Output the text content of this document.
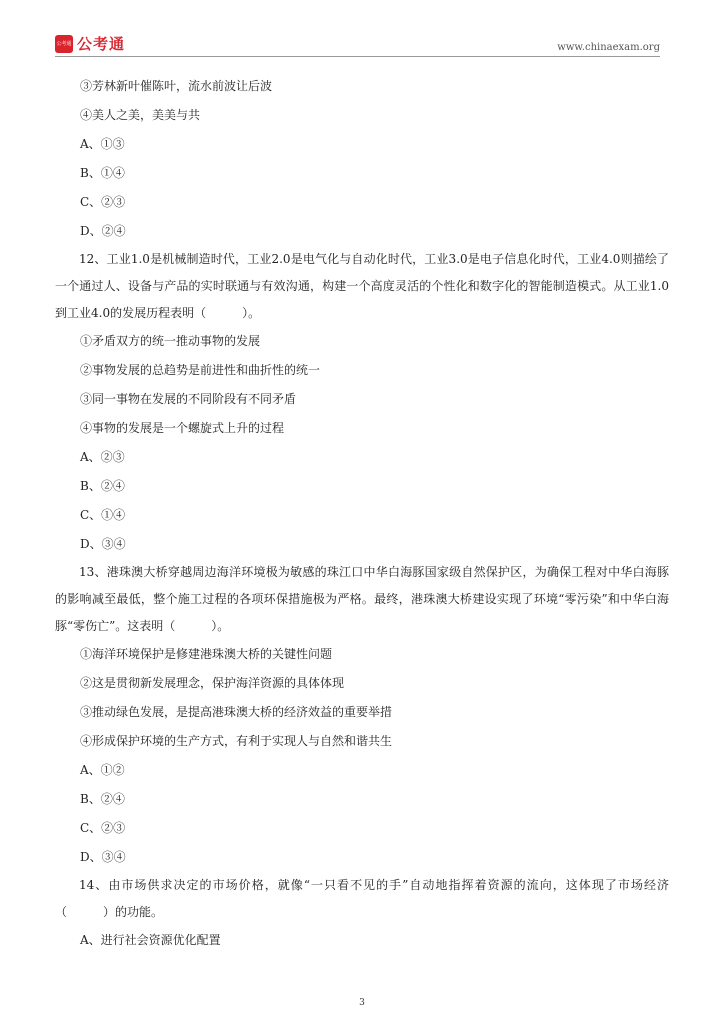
公考通 公考通	www.chinaexam.org
③芳林新叶催陈叶，流水前波让后波
④美人之美，美美与共
A、①③
B、①④
C、②③
D、②④

12、工业1.0是机械制造时代，工业2.0是电气化与自动化时代，工业3.0是电子信息化时代，工业4.0则描绘了一个通过人、设备与产品的实时联通与有效沟通，构建一个高度灵活的个性化和数字化的智能制造模式。从工业1.0到工业4.0的发展历程表明（　　　）。

①矛盾双方的统一推动事物的发展
②事物发展的总趋势是前进性和曲折性的统一
③同一事物在发展的不同阶段有不同矛盾
④事物的发展是一个螺旋式上升的过程
A、②③
B、②④
C、①④
D、③④

13、港珠澳大桥穿越周边海洋环境极为敏感的珠江口中华白海豚国家级自然保护区，为确保工程对中华白海豚的影响减至最低，整个施工过程的各项环保措施极为严格。最终，港珠澳大桥建设实现了环境“零污染”和中华白海豚“零伤亡”。这表明（　　　）。

①海洋环境保护是修建港珠澳大桥的关键性问题
②这是贯彻新发展理念，保护海洋资源的具体体现
③推动绿色发展，是提高港珠澳大桥的经济效益的重要举措
④形成保护环境的生产方式，有利于实现人与自然和谐共生
A、①②
B、②④
C、②③
D、③④

14、由市场供求决定的市场价格，就像“一只看不见的手”自动地指挥着资源的流向，这体现了市场经济（　　　）的功能。

A、进行社会资源优化配置
3
